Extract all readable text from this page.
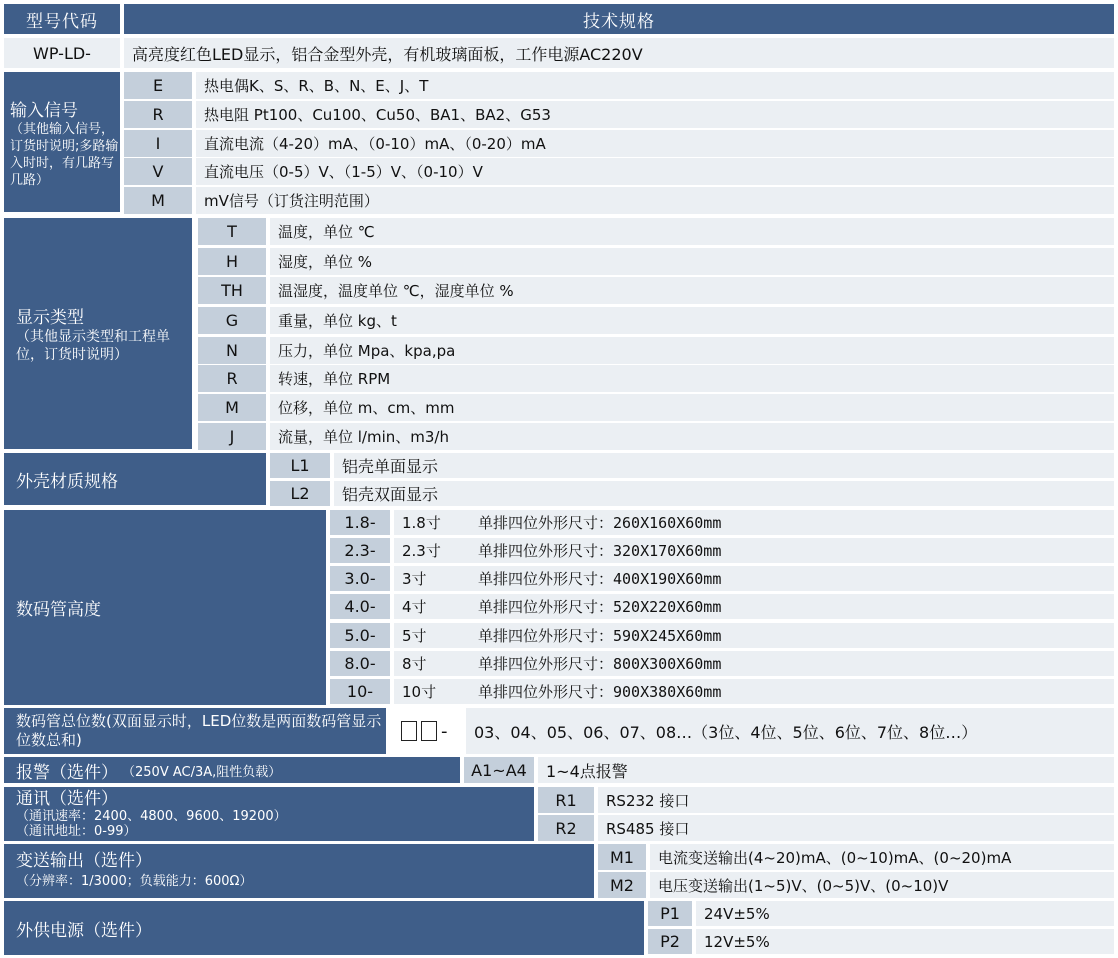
型号代码	技术规格
WP-LD-	高亮度红色LED显示，铝合金型外壳，有机玻璃面板，工作电源AC220V
输入信号
（其他输入信号，订货时说明;多路输入时时，有几路写几路）
E	热电偶K、S、R、B、N、E、J、T
R	热电阻 Pt100、Cu100、Cu50、BA1、BA2、G53
I	直流电流（4-20）mA、（0-10）mA、（0-20）mA
V	直流电压（0-5）V、（1-5）V、（0-10）V
M	mV信号（订货注明范围）
显示类型
（其他显示类型和工程单位，订货时说明）
T	温度，单位 ℃
H	湿度，单位 %
TH	温湿度，温度单位 ℃，湿度单位 %
G	重量，单位 kg、t
N	压力，单位 Mpa、kpa,pa
R	转速，单位 RPM
M	位移，单位 m、cm、mm
J	流量，单位 l/min、m3/h
外壳材质规格
L1	铝壳单面显示
L2	铝壳双面显示
数码管高度
1.8-	1.8寸	单排四位外形尺寸：260X160X60mm
2.3-	2.3寸	单排四位外形尺寸：320X170X60mm
3.0-	3寸	单排四位外形尺寸：400X190X60mm
4.0-	4寸	单排四位外形尺寸：520X220X60mm
5.0-	5寸	单排四位外形尺寸：590X245X60mm
8.0-	8寸	单排四位外形尺寸：800X300X60mm
10-	10寸	单排四位外形尺寸：900X380X60mm
数码管总位数(双面显示时，LED位数是两面数码管显示位数总和)	-	03、04、05、06、07、08…（3位、4位、5位、6位、7位、8位…）
报警（选件） （250V AC/3A,阻性负载）	A1~A4	1~4点报警
通讯（选件）
（通讯速率：2400、4800、9600、19200）
（通讯地址：0-99）
R1	RS232 接口
R2	RS485 接口
变送输出（选件）
（分辨率：1/3000；负载能力：600Ω）
M1	电流变送输出(4~20)mA、(0~10)mA、(0~20)mA
M2	电压变送输出(1~5)V、(0~5)V、(0~10)V
外供电源（选件）
P1	24V±5%
P2	12V±5%
